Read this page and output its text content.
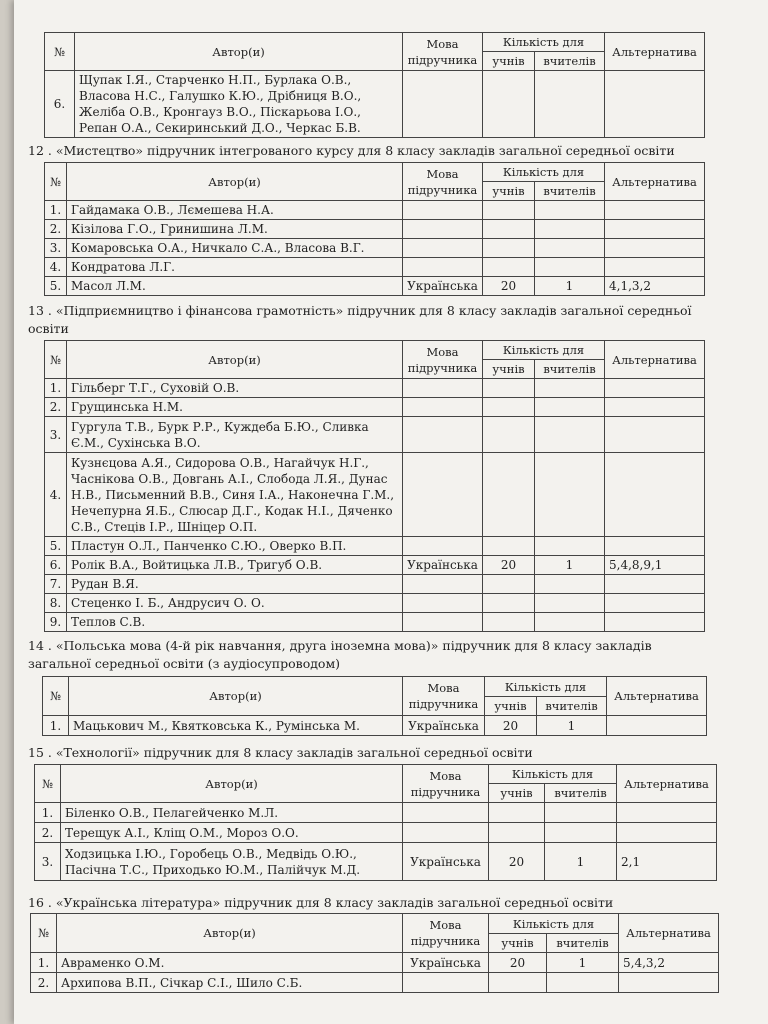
№	Автор(и)	Мова підручника	Кількість для		Альтернатива
			учнів	вчителів	
6.	Щупак І.Я., Старченко Н.П., Бурлака О.В., Власова Н.С., Галушко К.Ю., Дрібниця В.О., Желіба О.В., Кронгауз В.О., Піскарьова І.О., Репан О.А., Секиринський Д.О., Черкас Б.В.				

12 . «Мистецтво» підручник інтегрованого курсу для 8 класу закладів загальної середньої освіти

№	Автор(и)	Мова підручника	Кількість для		Альтернатива
			учнів	вчителів	
1.	Гайдамака О.В., Лємешева Н.А.				
2.	Кізілова Г.О., Гринишина Л.М.				
3.	Комаровська О.А., Ничкало С.А., Власова В.Г.				
4.	Кондратова Л.Г.				
5.	Масол Л.М.	Українська	20	1	4,1,3,2

13 . «Підприємництво і фінансова грамотність» підручник для 8 класу закладів загальної середньої освіти

№	Автор(и)	Мова підручника	Кількість для		Альтернатива
			учнів	вчителів	
1.	Гільберг Т.Г., Суховій О.В.				
2.	Грущинська Н.М.				
3.	Гургула Т.В., Бурк Р.Р., Куждеба Б.Ю., Сливка Є.М., Сухінська В.О.				
4.	Кузнєцова А.Я., Сидорова О.В., Нагайчук Н.Г., Часнікова О.В., Довгань А.І., Слобода Л.Я., Дунас Н.В., Письменний В.В., Синя І.А., Наконечна Г.М., Нечепурна Я.Б., Слюсар Д.Г., Кодак Н.І., Дяченко С.В., Стеців І.Р., Шніцер О.П.				
5.	Пластун О.Л., Панченко С.Ю., Оверко В.П.				
6.	Ролік В.А., Войтицька Л.В., Тригуб О.В.	Українська	20	1	5,4,8,9,1
7.	Рудан В.Я.				
8.	Стеценко І. Б., Андрусич О. О.				
9.	Теплов С.В.				

14 . «Польська мова (4-й рік навчання, друга іноземна мова)» підручник для 8 класу закладів загальної середньої освіти (з аудіосупроводом)

№	Автор(и)	Мова підручника	Кількість для		Альтернатива
			учнів	вчителів	
1.	Мацькович М., Квятковська К., Румінська М.	Українська	20	1	

15 . «Технології» підручник для 8 класу закладів загальної середньої освіти

№	Автор(и)	Мова підручника	Кількість для		Альтернатива
			учнів	вчителів	
1.	Біленко О.В., Пелагейченко М.Л.				
2.	Терещук А.І., Кліщ О.М., Мороз О.О.				
3.	Ходзицька І.Ю., Горобець О.В., Медвідь О.Ю., Пасічна Т.С., Приходько Ю.М., Палійчук М.Д.	Українська	20	1	2,1

16 . «Українська література» підручник для 8 класу закладів загальної середньої освіти

№	Автор(и)	Мова підручника	Кількість для		Альтернатива
			учнів	вчителів	
1.	Авраменко О.М.	Українська	20	1	5,4,3,2
2.	Архипова В.П., Січкар С.І., Шило С.Б.				
